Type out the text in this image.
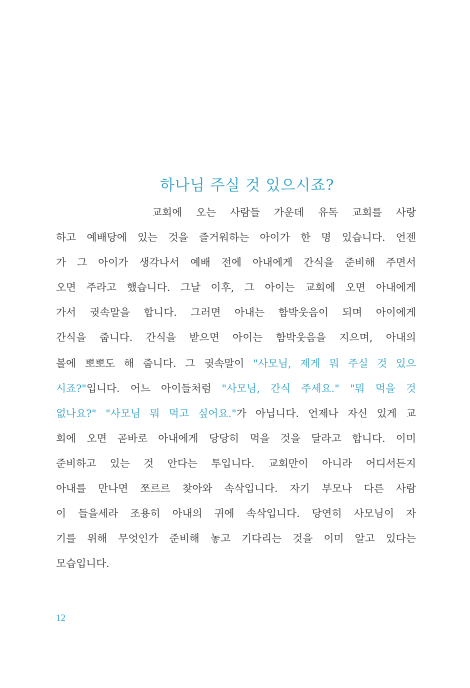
하나님 주실 것 있으시죠?
교회에 오는 사람들 가운데 유독 교회를 사랑
하고 예배당에 있는 것을 즐거워하는 아이가 한 명 있습니다. 언젠
가 그 아이가 생각나서 예배 전에 아내에게 간식을 준비해 주면서
오면 주라고 했습니다. 그날 이후, 그 아이는 교회에 오면 아내에게
가서 귓속말을 합니다. 그러면 아내는 함박웃음이 되며 아이에게
간식을 줍니다. 간식을 받으면 아이는 함박웃음을 지으며, 아내의
볼에 뽀뽀도 해 줍니다. 그 귓속말이 "사모님, 제게 뭐 주실 것 있으
시죠?"입니다. 어느 아이들처럼 "사모님, 간식 주세요." "뭐 먹을 것
없나요?" "사모님 뭐 먹고 싶어요."가 아닙니다. 언제나 자신 있게 교
회에 오면 곧바로 아내에게 당당히 먹을 것을 달라고 합니다. 이미
준비하고 있는 것 안다는 투입니다. 교회만이 아니라 어디서든지
아내를 만나면 쪼르르 찾아와 속삭입니다. 자기 부모나 다른 사람
이 들을세라 조용히 아내의 귀에 속삭입니다. 당연히 사모님이 자
기를 위해 무엇인가 준비해 놓고 기다리는 것을 이미 알고 있다는
모습입니다.
12
